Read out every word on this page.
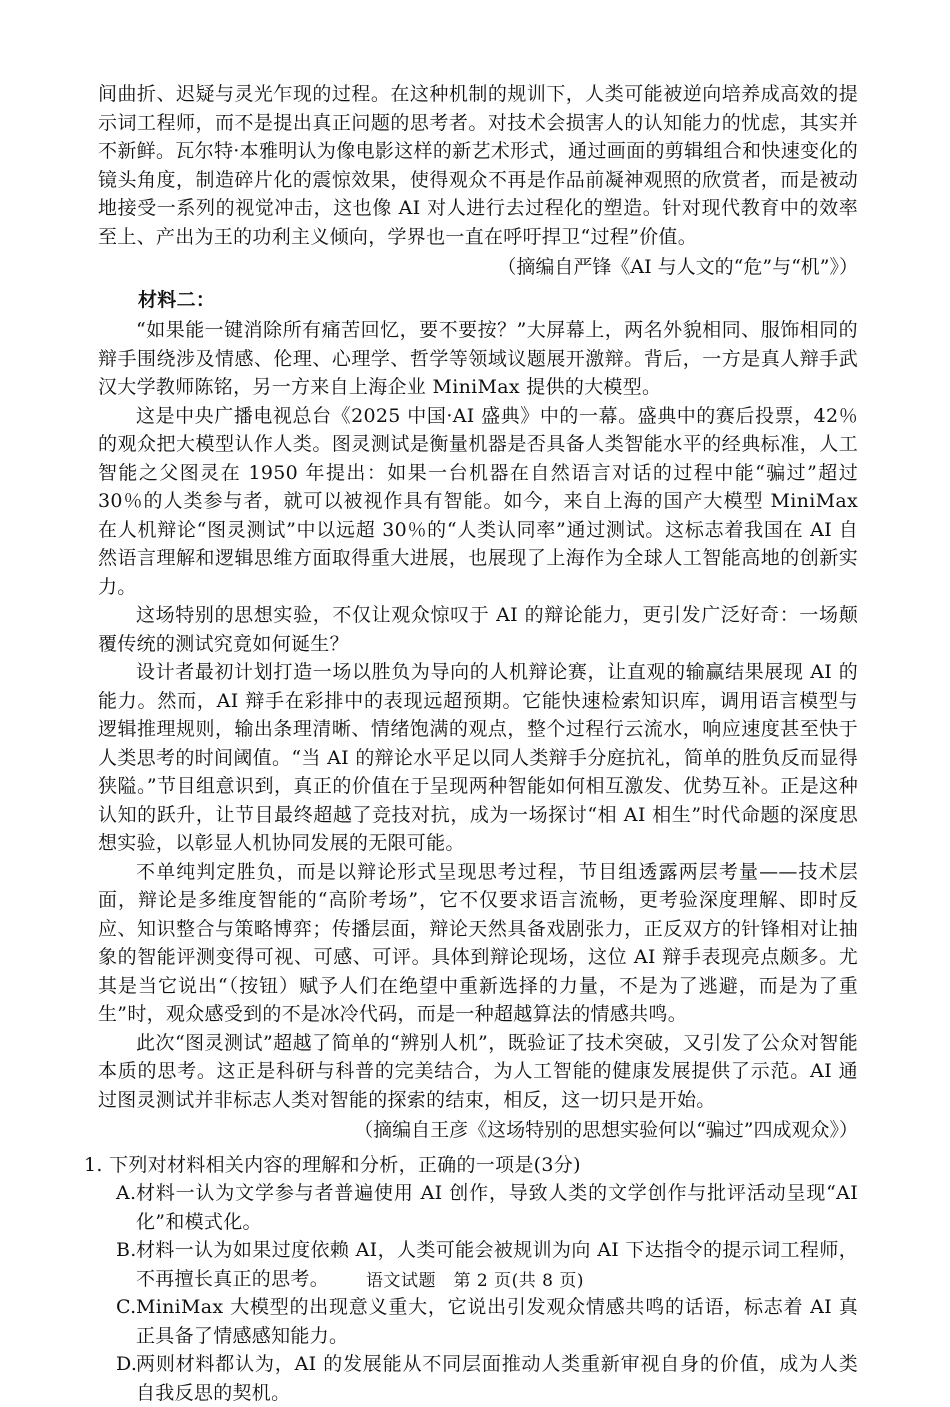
间曲折、迟疑与灵光乍现的过程。在这种机制的规训下，人类可能被逆向培养成高效的提示词工程师，而不是提出真正问题的思考者。对技术会损害人的认知能力的忧虑，其实并不新鲜。瓦尔特·本雅明认为像电影这样的新艺术形式，通过画面的剪辑组合和快速变化的镜头角度，制造碎片化的震惊效果，使得观众不再是作品前凝神观照的欣赏者，而是被动地接受一系列的视觉冲击，这也像 AI 对人进行去过程化的塑造。针对现代教育中的效率至上、产出为王的功利主义倾向，学界也一直在呼吁捍卫“过程”价值。

（摘编自严锋《AI 与人文的“危”与“机”》）

材料二：

“如果能一键消除所有痛苦回忆，要不要按？”大屏幕上，两名外貌相同、服饰相同的辩手围绕涉及情感、伦理、心理学、哲学等领域议题展开激辩。背后，一方是真人辩手武汉大学教师陈铭，另一方来自上海企业 MiniMax 提供的大模型。

这是中央广播电视总台《2025 中国·AI 盛典》中的一幕。盛典中的赛后投票，42％的观众把大模型认作人类。图灵测试是衡量机器是否具备人类智能水平的经典标准，人工智能之父图灵在 1950 年提出：如果一台机器在自然语言对话的过程中能“骗过”超过 30％的人类参与者，就可以被视作具有智能。如今，来自上海的国产大模型 MiniMax 在人机辩论“图灵测试”中以远超 30％的“人类认同率”通过测试。这标志着我国在 AI 自然语言理解和逻辑思维方面取得重大进展，也展现了上海作为全球人工智能高地的创新实力。

这场特别的思想实验，不仅让观众惊叹于 AI 的辩论能力，更引发广泛好奇：一场颠覆传统的测试究竟如何诞生？

设计者最初计划打造一场以胜负为导向的人机辩论赛，让直观的输赢结果展现 AI 的能力。然而，AI 辩手在彩排中的表现远超预期。它能快速检索知识库，调用语言模型与逻辑推理规则，输出条理清晰、情绪饱满的观点，整个过程行云流水，响应速度甚至快于人类思考的时间阈值。“当 AI 的辩论水平足以同人类辩手分庭抗礼，简单的胜负反而显得狭隘。”节目组意识到，真正的价值在于呈现两种智能如何相互激发、优势互补。正是这种认知的跃升，让节目最终超越了竞技对抗，成为一场探讨“相 AI 相生”时代命题的深度思想实验，以彰显人机协同发展的无限可能。

不单纯判定胜负，而是以辩论形式呈现思考过程，节目组透露两层考量——技术层面，辩论是多维度智能的“高阶考场”，它不仅要求语言流畅，更考验深度理解、即时反应、知识整合与策略博弈；传播层面，辩论天然具备戏剧张力，正反双方的针锋相对让抽象的智能评测变得可视、可感、可评。具体到辩论现场，这位 AI 辩手表现亮点颇多。尤其是当它说出“（按钮）赋予人们在绝望中重新选择的力量，不是为了逃避，而是为了重生”时，观众感受到的不是冰冷代码，而是一种超越算法的情感共鸣。

此次“图灵测试”超越了简单的“辨别人机”，既验证了技术突破，又引发了公众对智能本质的思考。这正是科研与科普的完美结合，为人工智能的健康发展提供了示范。AI 通过图灵测试并非标志人类对智能的探索的结束，相反，这一切只是开始。

（摘编自王彦《这场特别的思想实验何以“骗过”四成观众》）

1. 下列对材料相关内容的理解和分析，正确的一项是(3分)

A. 材料一认为文学参与者普遍使用 AI 创作，导致人类的文学创作与批评活动呈现“AI 化”和模式化。
B. 材料一认为如果过度依赖 AI，人类可能会被规训为向 AI 下达指令的提示词工程师，不再擅长真正的思考。
C. MiniMax 大模型的出现意义重大，它说出引发观众情感共鸣的话语，标志着 AI 真正具备了情感感知能力。
D.
两则材料都认为，AI 的发展能从不同层面推动人类重新审视自身的价值，成为人类自我反思的契机。
语文试题　第 2 页(共 8 页)
